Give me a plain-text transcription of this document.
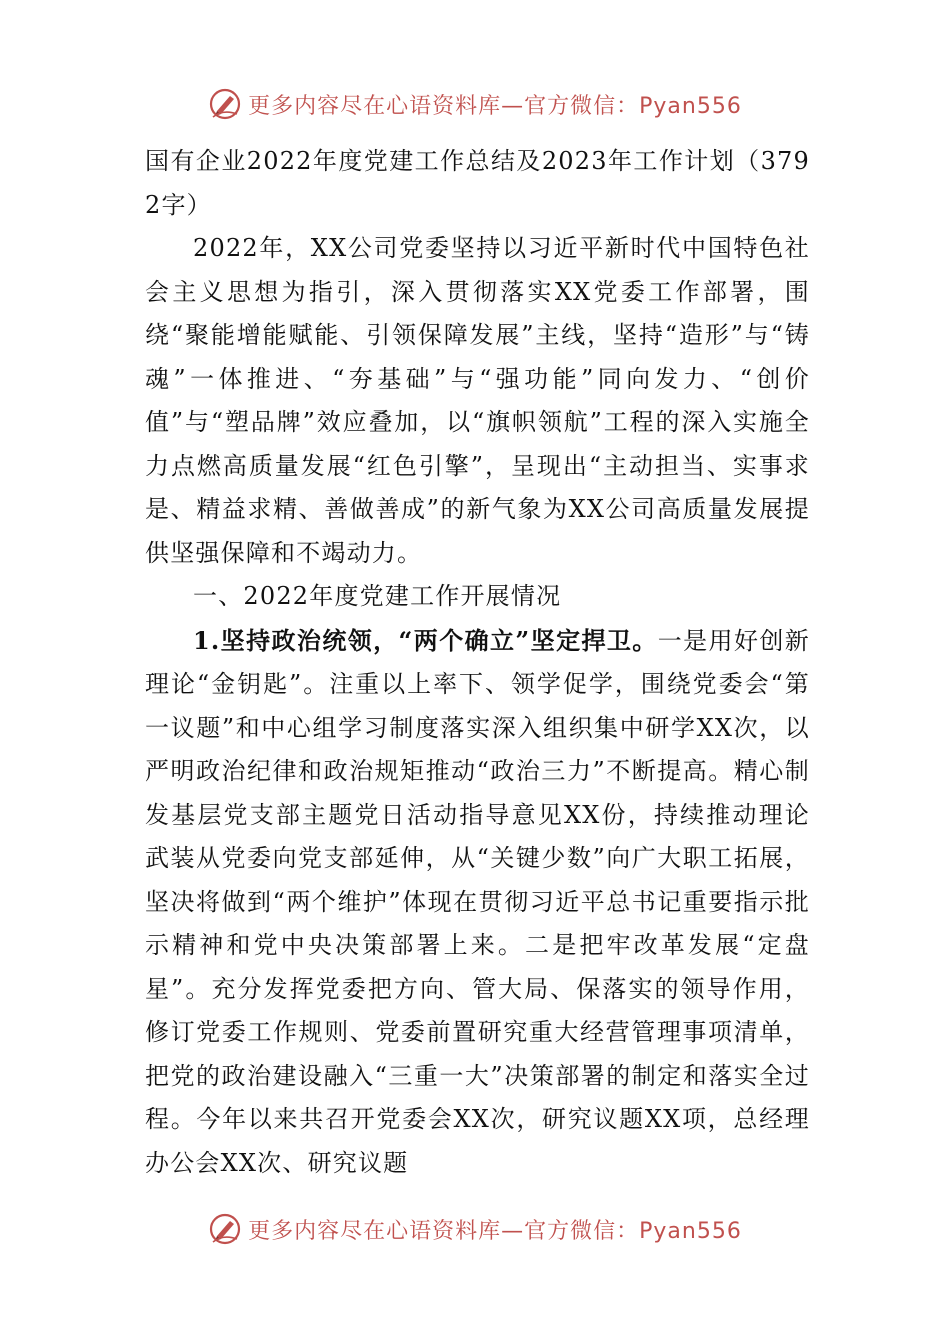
更多内容尽在心语资料库—官方微信：Pyan556

国有企业2022年度党建工作总结及2023年工作计划（3792字）

2022年，XX公司党委坚持以习近平新时代中国特色社会主义思想为指引，深入贯彻落实XX党委工作部署，围绕“聚能增能赋能、引领保障发展”主线，坚持“造形”与“铸魂”一体推进、“夯基础”与“强功能”同向发力、“创价值”与“塑品牌”效应叠加，以“旗帜领航”工程的深入实施全力点燃高质量发展“红色引擎”，呈现出“主动担当、实事求是、精益求精、善做善成”的新气象为XX公司高质量发展提供坚强保障和不竭动力。

一、2022年度党建工作开展情况

1.坚持政治统领，“两个确立”坚定捍卫。一是用好创新理论“金钥匙”。注重以上率下、领学促学，围绕党委会“第一议题”和中心组学习制度落实深入组织集中研学XX次，以严明政治纪律和政治规矩推动“政治三力”不断提高。精心制发基层党支部主题党日活动指导意见XX份，持续推动理论武装从党委向党支部延伸，从“关键少数”向广大职工拓展，坚决将做到“两个维护”体现在贯彻习近平总书记重要指示批示精神和党中央决策部署上来。二是把牢改革发展“定盘星”。充分发挥党委把方向、管大局、保落实的领导作用，修订党委工作规则、党委前置研究重大经营管理事项清单，把党的政治建设融入“三重一大”决策部署的制定和落实全过程。今年以来共召开党委会XX次，研究议题XX项，总经理办公会XX次、研究议题

更多内容尽在心语资料库—官方微信：Pyan556
